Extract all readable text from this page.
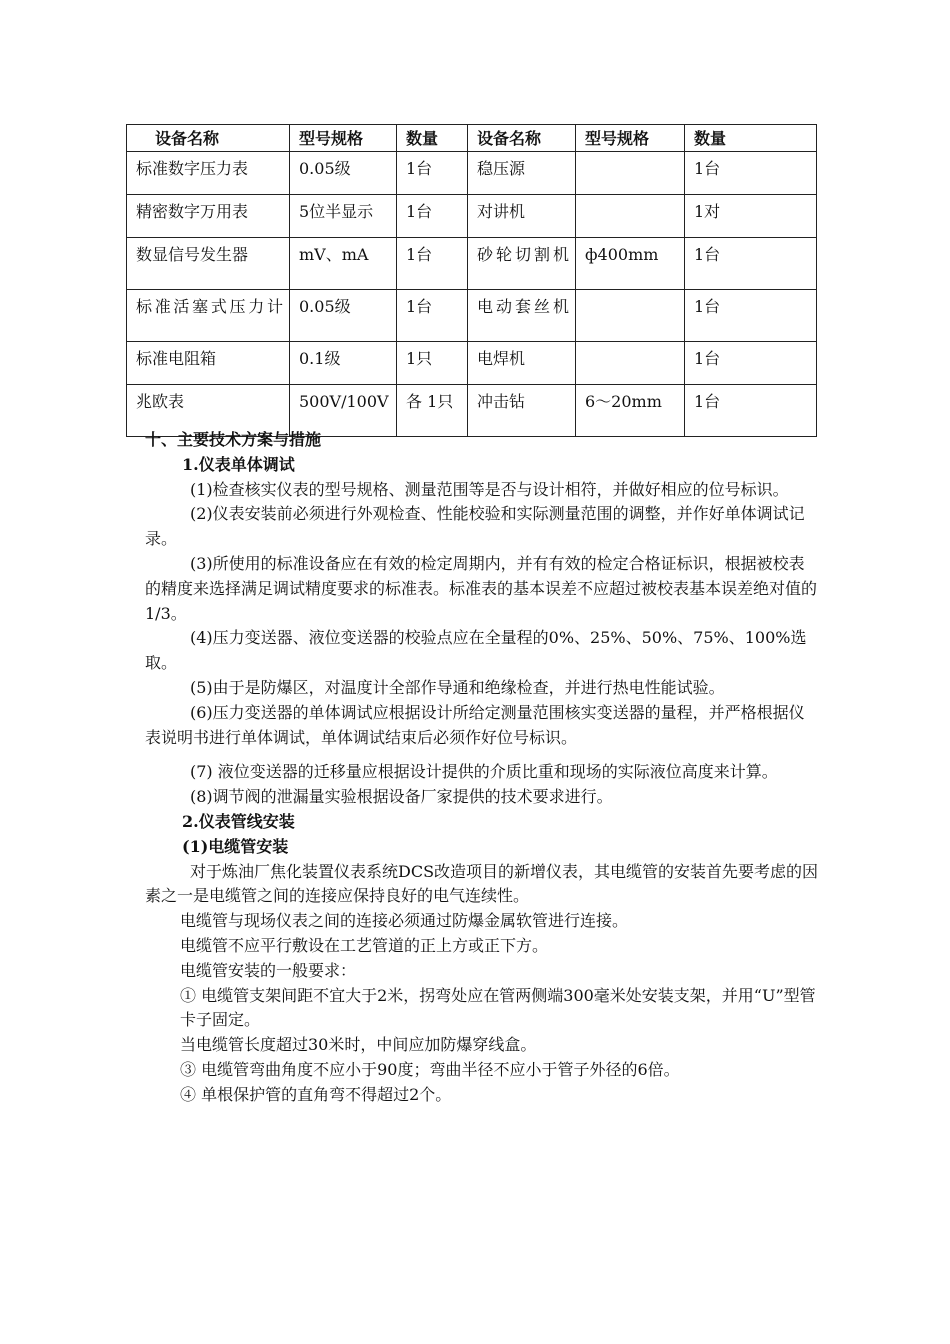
设备名称	型号规格	数量	设备名称	型号规格	数量
标准数字压力表	0.05级	1台	稳压源		1台
精密数字万用表	5位半显示	1台	对讲机		1对
数显信号发生器	mV、mA	1台	砂轮切割机	ф400mm	1台
标准活塞式压力计	0.05级	1台	电动套丝机		1台
标准电阻箱	0.1级	1只	电焊机		1台
兆欧表	500V/100V	各 1只	冲击钻	6～20mm	1台

十、主要技术方案与措施

1.仪表单体调试

(1)检查核实仪表的型号规格、测量范围等是否与设计相符，并做好相应的位号标识。

(2)仪表安装前必须进行外观检查、性能校验和实际测量范围的调整，并作好单体调试记录。

(3)所使用的标准设备应在有效的检定周期内，并有有效的检定合格证标识，根据被校表的精度来选择满足调试精度要求的标准表。标准表的基本误差不应超过被校表基本误差绝对值的1/3。

(4)压力变送器、液位变送器的校验点应在全量程的0%、25%、50%、75%、100%选取。

(5)由于是防爆区，对温度计全部作导通和绝缘检查，并进行热电性能试验。

(6)压力变送器的单体调试应根据设计所给定测量范围核实变送器的量程，并严格根据仪表说明书进行单体调试，单体调试结束后必须作好位号标识。

(7) 液位变送器的迁移量应根据设计提供的介质比重和现场的实际液位高度来计算。

(8)调节阀的泄漏量实验根据设备厂家提供的技术要求进行。

2.仪表管线安装

(1)电缆管安装

对于炼油厂焦化装置仪表系统DCS改造项目的新增仪表，其电缆管的安装首先要考虑的因素之一是电缆管之间的连接应保持良好的电气连续性。

电缆管与现场仪表之间的连接必须通过防爆金属软管进行连接。

电缆管不应平行敷设在工艺管道的正上方或正下方。

电缆管安装的一般要求：

① 电缆管支架间距不宜大于2米，拐弯处应在管两侧端300毫米处安装支架，并用“U”型管卡子固定。

当电缆管长度超过30米时，中间应加防爆穿线盒。

③ 电缆管弯曲角度不应小于90度；弯曲半径不应小于管子外径的6倍。

④ 单根保护管的直角弯不得超过2个。
